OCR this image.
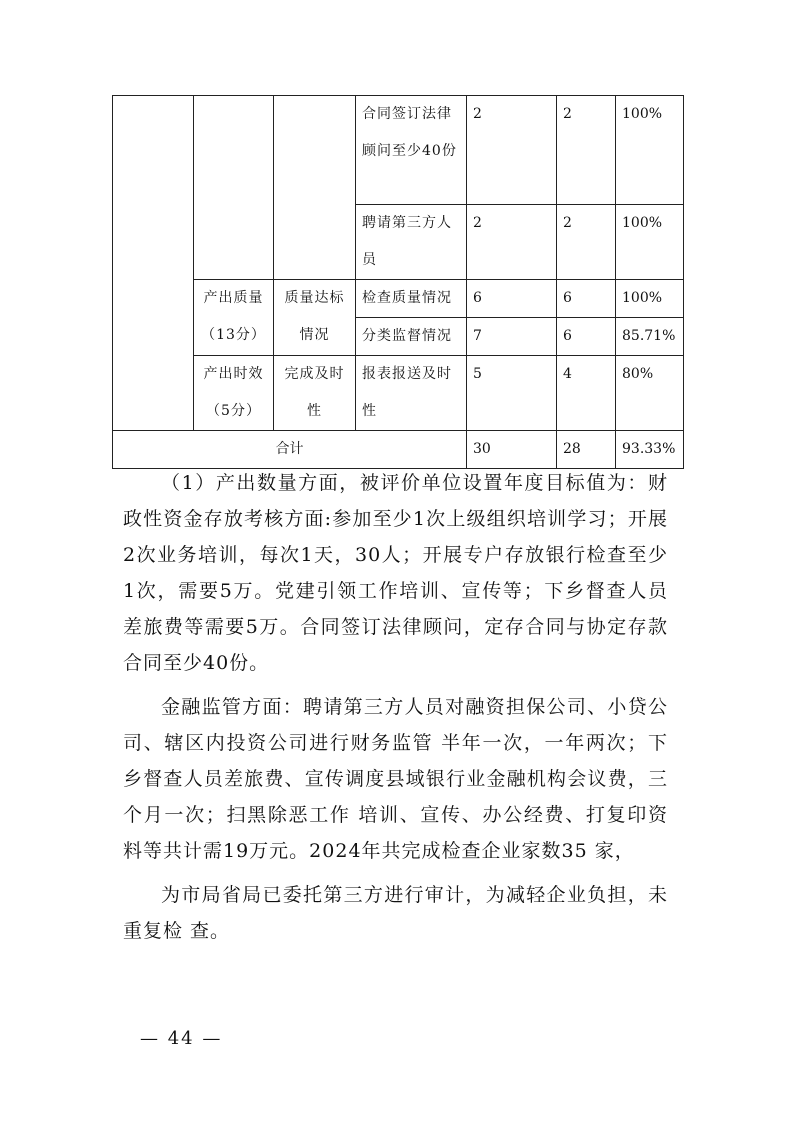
			合同签订法律顾问至少40份	2	2	100%
			聘请第三方人员	2	2	100%
	产出质量（13分）	质量达标情况	检查质量情况	6	6	100%
			分类监督情况	7	6	85.71%
	产出时效（5分）	完成及时性	报表报送及时性	5	4	80%
合计				30	28	93.33%

（1）产出数量方面，被评价单位设置年度目标值为：财政性资金存放考核方面:参加至少1次上级组织培训学习；开展2次业务培训，每次1天，30人；开展专户存放银行检查至少1次，需要5万。党建引领工作培训、宣传等；下乡督查人员差旅费等需要5万。合同签订法律顾问，定存合同与协定存款合同至少40份。

金融监管方面：聘请第三方人员对融资担保公司、小贷公司、辖区内投资公司进行财务监管 半年一次，一年两次；下乡督查人员差旅费、宣传调度县域银行业金融机构会议费，三个月一次；扫黑除恶工作 培训、宣传、办公经费、打复印资料等共计需19万元。2024年共完成检查企业家数35 家，

为市局省局已委托第三方进行审计，为减轻企业负担，未重复检 查。

— 44 —
